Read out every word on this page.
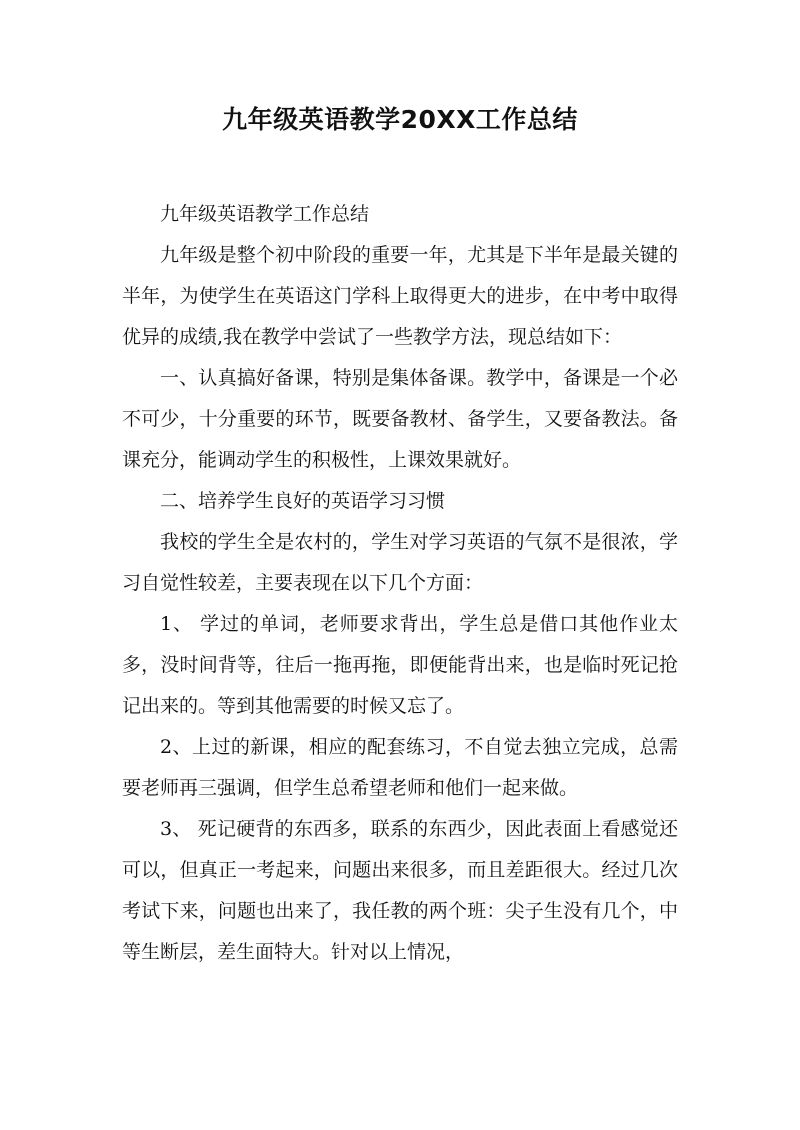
九年级英语教学20XX工作总结

九年级英语教学工作总结

九年级是整个初中阶段的重要一年，尤其是下半年是最关键的半年，为使学生在英语这门学科上取得更大的进步，在中考中取得优异的成绩,我在教学中尝试了一些教学方法，现总结如下：

一、认真搞好备课，特别是集体备课。教学中，备课是一个必不可少，十分重要的环节，既要备教材、备学生，又要备教法。备课充分，能调动学生的积极性，上课效果就好。

二、培养学生良好的英语学习习惯

我校的学生全是农村的，学生对学习英语的气氛不是很浓，学习自觉性较差，主要表现在以下几个方面：

1、 学过的单词，老师要求背出，学生总是借口其他作业太多，没时间背等，往后一拖再拖，即便能背出来，也是临时死记抢记出来的。等到其他需要的时候又忘了。

2、上过的新课，相应的配套练习，不自觉去独立完成，总需要老师再三强调，但学生总希望老师和他们一起来做。

3、 死记硬背的东西多，联系的东西少，因此表面上看感觉还可以，但真正一考起来，问题出来很多，而且差距很大。经过几次考试下来，问题也出来了，我任教的两个班：尖子生没有几个，中等生断层，差生面特大。针对以上情况，
